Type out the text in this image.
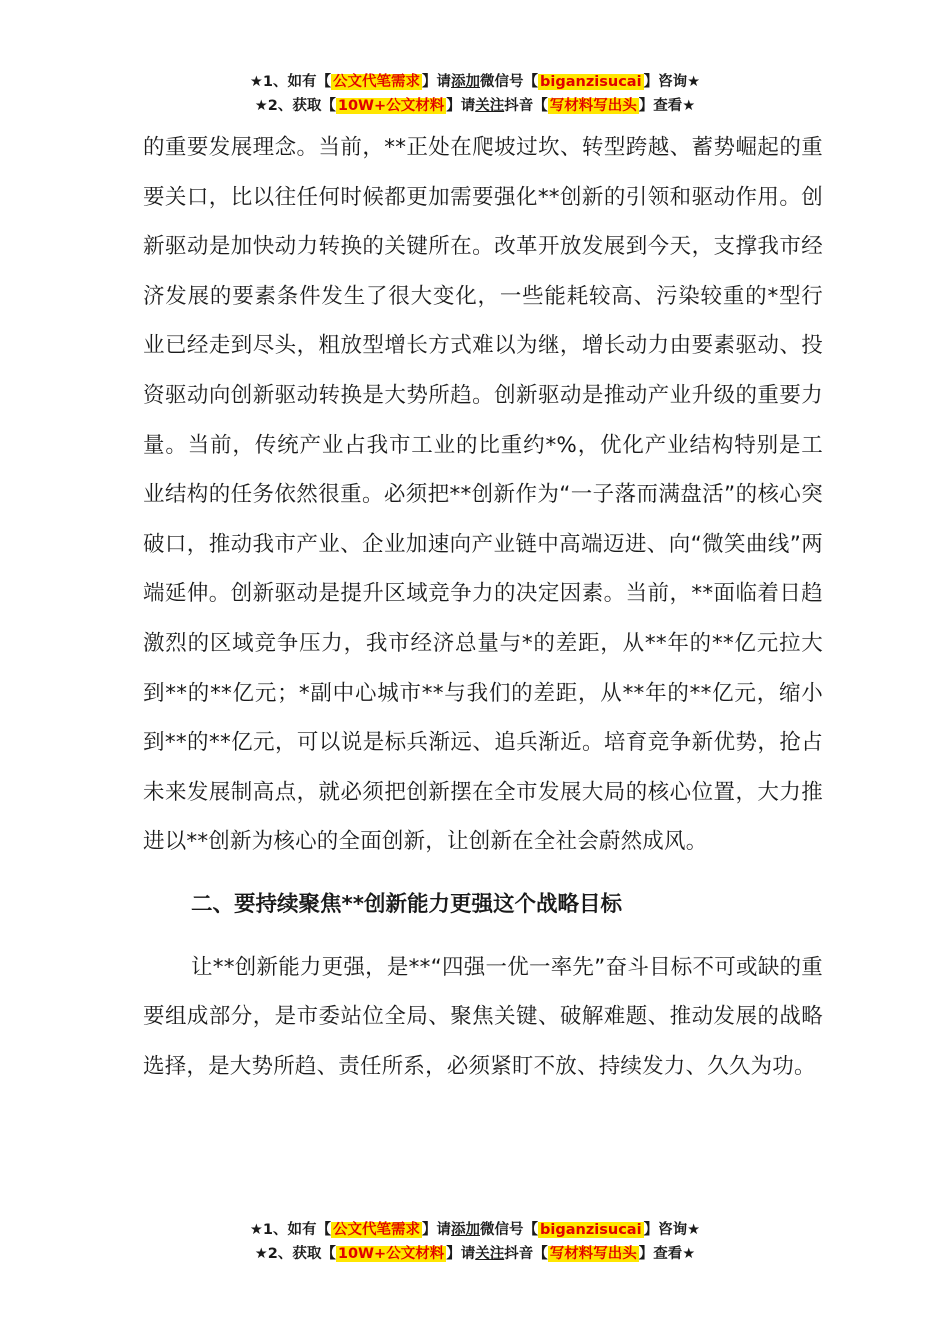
★1、如有【 公文代笔需求 】请添加微信号【 biganzisucai 】咨询★
★2、获取【 10W+公文材料 】请关注抖音【 写材料写出头 】查看★

的重要发展理念。当前，**正处在爬坡过坎、转型跨越、蓄势崛起的重要关口，比以往任何时候都更加需要强化**创新的引领和驱动作用。创新驱动是加快动力转换的关键所在。改革开放发展到今天，支撑我市经济发展的要素条件发生了很大变化，一些能耗较高、污染较重的*型行业已经走到尽头，粗放型增长方式难以为继，增长动力由要素驱动、投资驱动向创新驱动转换是大势所趋。创新驱动是推动产业升级的重要力量。当前，传统产业占我市工业的比重约*%，优化产业结构特别是工业结构的任务依然很重。必须把**创新作为“一子落而满盘活”的核心突破口，推动我市产业、企业加速向产业链中高端迈进、向“微笑曲线”两端延伸。创新驱动是提升区域竞争力的决定因素。当前，**面临着日趋激烈的区域竞争压力，我市经济总量与*的差距，从**年的**亿元拉大到**的**亿元；*副中心城市**与我们的差距，从**年的**亿元，缩小到**的**亿元，可以说是标兵渐远、追兵渐近。培育竞争新优势，抢占未来发展制高点，就必须把创新摆在全市发展大局的核心位置，大力推进以**创新为核心的全面创新，让创新在全社会蔚然成风。

二、要持续聚焦**创新能力更强这个战略目标

让**创新能力更强，是**“四强一优一率先”奋斗目标不可或缺的重要组成部分，是市委站位全局、聚焦关键、破解难题、推动发展的战略选择，是大势所趋、责任所系，必须紧盯不放、持续发力、久久为功。

★1、如有【 公文代笔需求 】请添加微信号【 biganzisucai 】咨询★
★2、获取【 10W+公文材料 】请关注抖音【 写材料写出头 】查看★
